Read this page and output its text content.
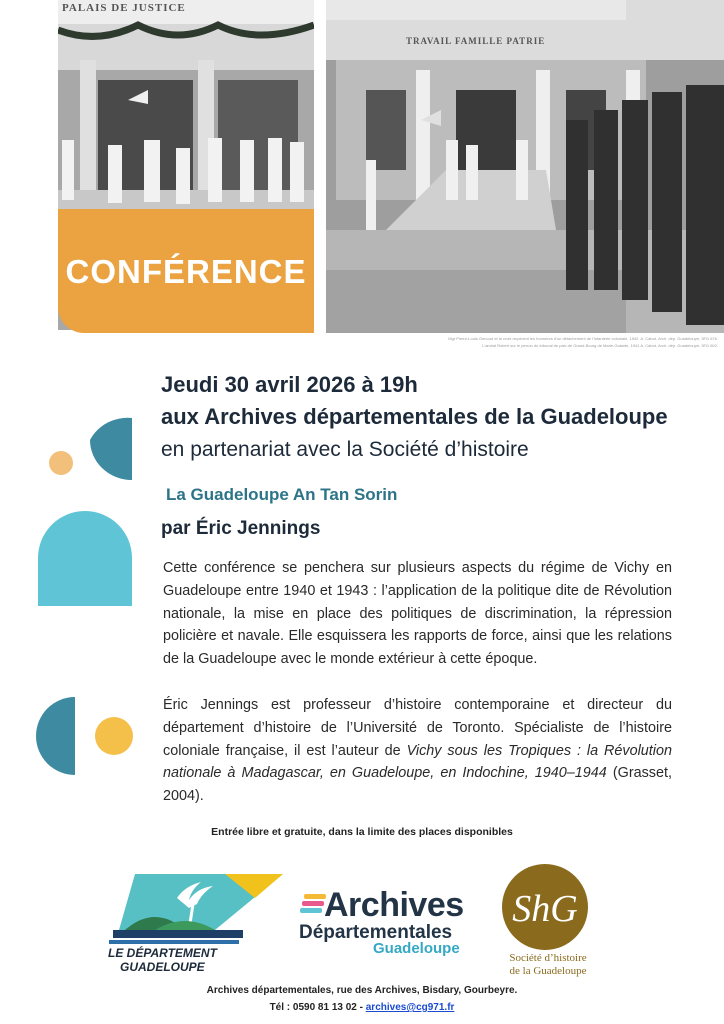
PALAIS DE JUSTICE
CONFÉRENCE
TRAVAIL FAMILLE PATRIE
Mgr Pierre-Louis Genoud et la croix reçoivent les honneurs d'un détachement de l'infanterie coloniale, 1942. A. Cabot, Arch. dép. Guadeloupe, 3Fi1 676.
L'amiral Robert sur le perron du tribunal de paix de Grand-Bourg de Marie-Galante, 1941 A. Cabot, Arch. dép. Guadeloupe, 3Fi1 602.
Jeudi 30 avril 2026 à 19h
aux Archives départementales de la Guadeloupe
en partenariat avec la Société d’histoire
La Guadeloupe An Tan Sorin
par Éric Jennings
Cette conférence se penchera sur plusieurs aspects du régime de Vichy en Guadeloupe entre 1940 et 1943 : l’application de la politique dite de Révolution nationale, la mise en place des politiques de discrimination, la répression policière et navale. Elle esquissera les rapports de force, ainsi que les relations de la Guadeloupe avec le monde extérieur à cette époque.
Éric Jennings est professeur d’histoire contemporaine et directeur du département d’histoire de l’Université de Toronto. Spécialiste de l’histoire coloniale française, il est l’auteur de Vichy sous les Tropiques : la Révolution nationale à Madagascar, en Guadeloupe, en Indochine, 1940–1944 (Grasset, 2004).
Entrée libre et gratuite, dans la limite des places disponibles
LE DÉPARTEMENT
GUADELOUPE
Archives
Départementales
Guadeloupe
ShG
Société d’histoire
de la Guadeloupe
Archives départementales, rue des Archives, Bisdary, Gourbeyre.
Tél : 0590 81 13 02 - archives@cg971.fr
